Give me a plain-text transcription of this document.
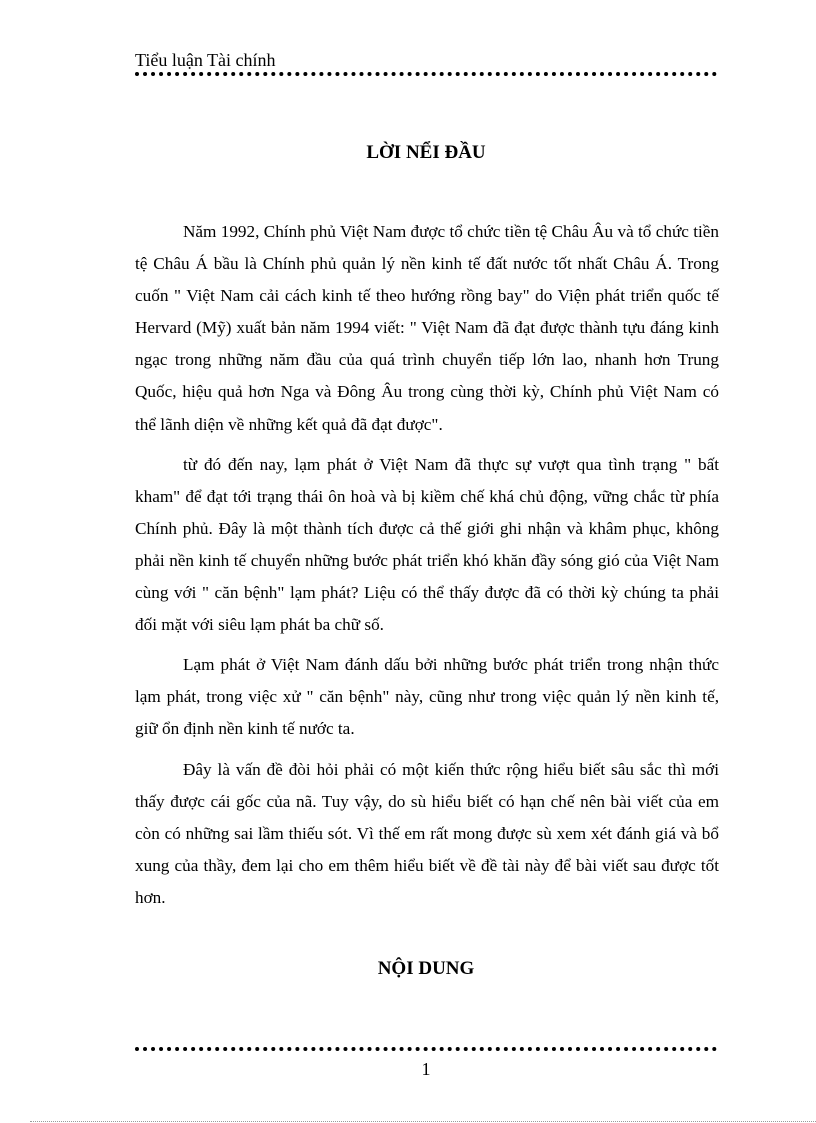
Tiểu luận Tài chính
LỜI NỂI ĐẦU

Năm 1992, Chính phủ Việt Nam được tổ chức tiền tệ Châu Âu và tổ chức tiền tệ Châu Á bầu là Chính phủ quản lý nền kinh tế đất nước tốt nhất Châu Á. Trong cuốn " Việt Nam cải cách kinh tế theo hướng rồng bay" do Viện phát triển quốc tế Hervard (Mỹ) xuất bản năm 1994 viết: " Việt Nam đã đạt được thành tựu đáng kinh ngạc trong những năm đầu của quá trình chuyển tiếp lớn lao, nhanh hơn Trung Quốc, hiệu quả hơn Nga và Đông Âu trong cùng thời kỳ, Chính phủ Việt Nam có thể lãnh diện về những kết quả đã đạt được".

từ đó đến nay, lạm phát ở Việt Nam đã thực sự vượt qua tình trạng " bất kham" để đạt tới trạng thái ôn hoà và bị kiềm chế khá chủ động, vững chắc từ phía Chính phủ. Đây là một thành tích được cả thế giới ghi nhận và khâm phục, không phải nền kinh tế chuyển những bước phát triển khó khăn đầy sóng gió của Việt Nam cùng với " căn bệnh" lạm phát? Liệu có thể thấy được đã có thời kỳ chúng ta phải đối mặt với siêu lạm phát ba chữ số.

Lạm phát ở Việt Nam đánh dấu bởi những bước phát triển trong nhận thức lạm phát, trong việc xử " căn bệnh" này, cũng như trong việc quản lý nền kinh tế, giữ ổn định nền kinh tế nước ta.

Đây là vấn đề đòi hỏi phải có một kiến thức rộng hiểu biết sâu sắc thì mới thấy được cái gốc của nã. Tuy vậy, do sù hiểu biết có hạn chế nên bài viết của em còn có những sai lầm thiếu sót. Vì thế em rất mong được sù xem xét đánh giá và bổ xung của thầy, đem lại cho em thêm hiểu biết về đề tài này để bài viết sau được tốt hơn.

NỘI DUNG
1
